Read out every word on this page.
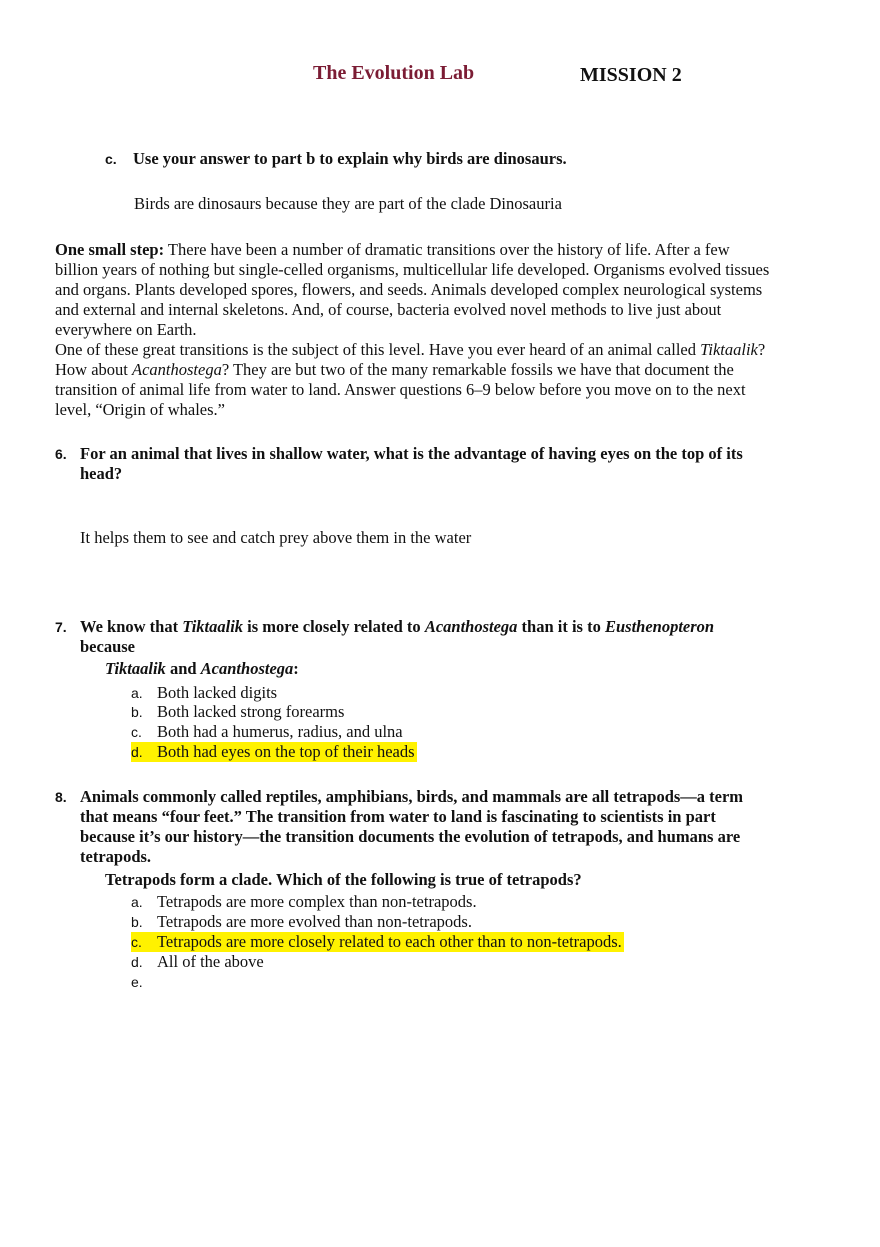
The Evolution Lab	MISSION 2
c. Use your answer to part b to explain why birds are dinosaurs.
Birds are dinosaurs because they are part of the clade Dinosauria
One small step: There have been a number of dramatic transitions over the history of life. After a few
billion years of nothing but single-celled organisms, multicellular life developed. Organisms evolved tissues
and organs. Plants developed spores, flowers, and seeds. Animals developed complex neurological systems
and external and internal skeletons. And, of course, bacteria evolved novel methods to live just about
everywhere on Earth.
One of these great transitions is the subject of this level. Have you ever heard of an animal called Tiktaalik?
How about Acanthostega? They are but two of the many remarkable fossils we have that document the
transition of animal life from water to land. Answer questions 6–9 below before you move on to the next
level, “Origin of whales.”
6. For an animal that lives in shallow water, what is the advantage of having eyes on the top of its
head?
It helps them to see and catch prey above them in the water
7. We know that Tiktaalik is more closely related to Acanthostega than it is to Eusthenopteron
because
Tiktaalik and Acanthostega:
a. Both lacked digits
b. Both lacked strong forearms
c. Both had a humerus, radius, and ulna
d. Both had eyes on the top of their heads
8. Animals commonly called reptiles, amphibians, birds, and mammals are all tetrapods—a term
that means “four feet.” The transition from water to land is fascinating to scientists in part
because it’s our history—the transition documents the evolution of tetrapods, and humans are
tetrapods.
Tetrapods form a clade. Which of the following is true of tetrapods?
a. Tetrapods are more complex than non-tetrapods.
b. Tetrapods are more evolved than non-tetrapods.
c. Tetrapods are more closely related to each other than to non-tetrapods.
d. All of the above
e.
